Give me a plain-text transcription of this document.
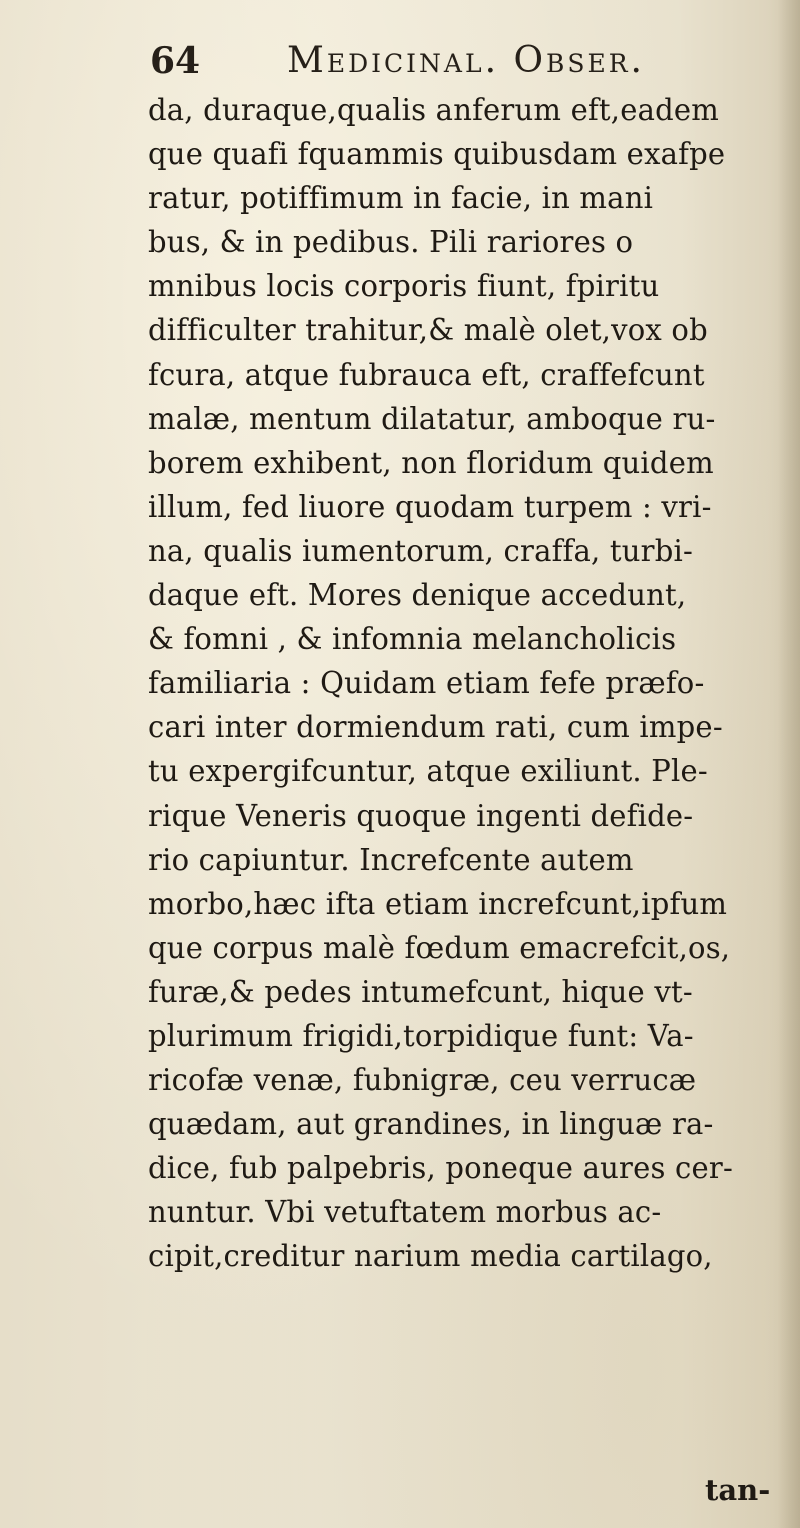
64 Medicinal. Obser.
da, duraque,qualis anferum eft,eadem
que quafi fquammis quibusdam exafpe
ratur, potiffimum in facie, in mani
bus, & in pedibus. Pili rariores o
mnibus locis corporis fiunt, fpiritu
difficulter trahitur,& malè olet,vox ob
fcura, atque fubrauca eft, craffefcunt
malæ, mentum dilatatur, amboque ru-
borem exhibent, non floridum quidem
illum, fed liuore quodam turpem : vri-
na, qualis iumentorum, craffa, turbi-
daque eft. Mores denique accedunt,
& fomni , & infomnia melancholicis
familiaria : Quidam etiam fefe præfo-
cari inter dormiendum rati, cum impe-
tu expergifcuntur, atque exiliunt. Ple-
rique Veneris quoque ingenti defide-
rio capiuntur. Increfcente autem
morbo,hæc ifta etiam increfcunt,ipfum
que corpus malè fœdum emacrefcit,os,
furæ,& pedes intumefcunt, hique vt-
plurimum frigidi,torpidique funt: Va-
ricofæ venæ, fubnigræ, ceu verrucæ
quædam, aut grandines, in linguæ ra-
dice, fub palpebris, poneque aures cer-
nuntur. Vbi vetuftatem morbus ac-
cipit,creditur narium media cartilago,
tan-
